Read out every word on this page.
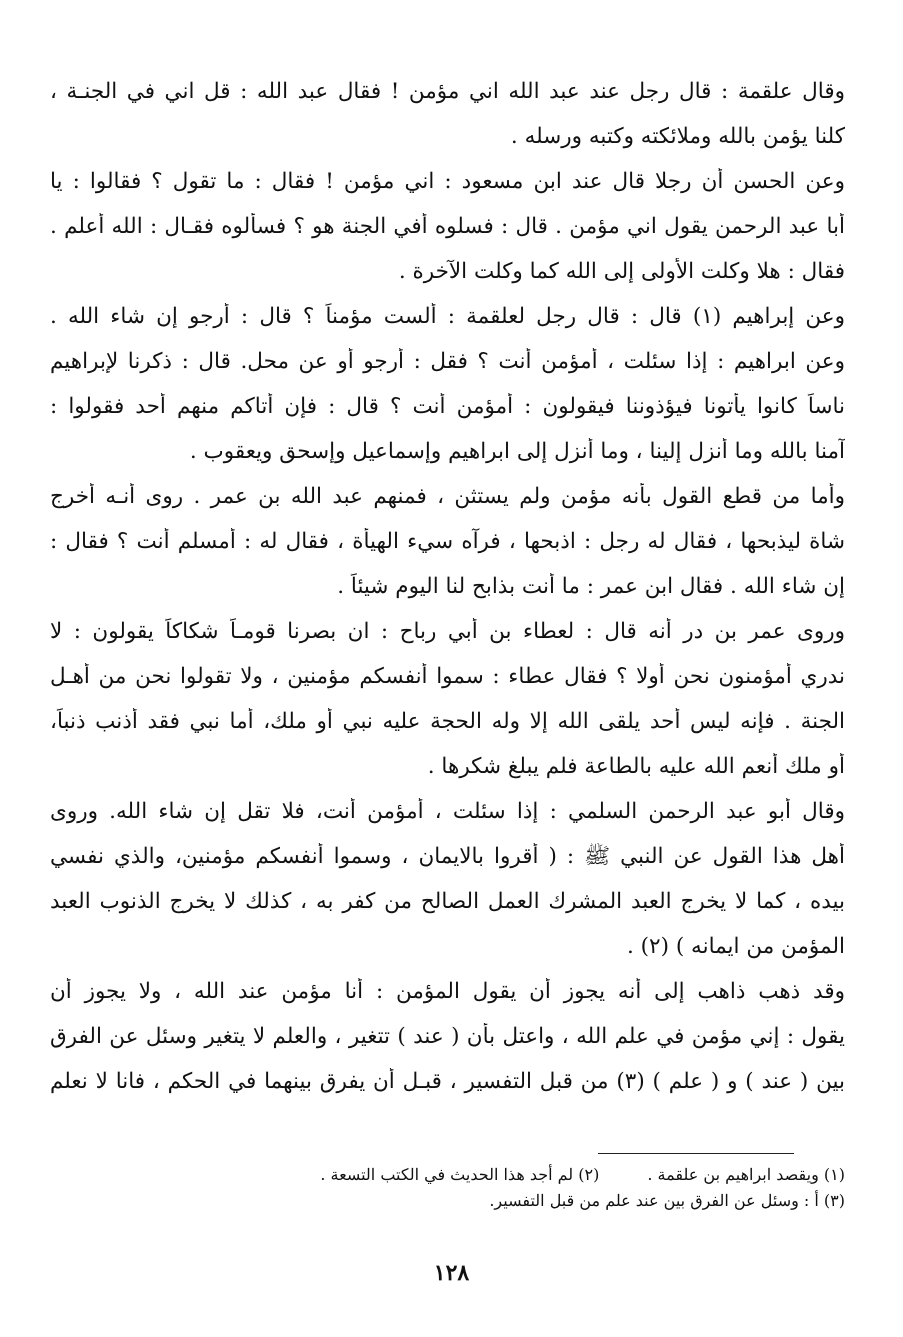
وقال علقمة : قال رجل عند عبد الله اني مؤمن ! فقال عبد الله : قل اني في الجنـة ،
كلنا يؤمن بالله وملائكته وكتبه ورسله .
وعن الحسن أن رجلا قال عند ابن مسعود : اني مؤمن ! فقال : ما تقول ؟ فقالوا : يا
أبا عبد الرحمن يقول اني مؤمن . قال : فسلوه أفي الجنة هو ؟ فسألوه فقـال : الله أعلم .
فقال : هلا وكلت الأولى إلى الله كما وكلت الآخرة .
وعن إبراهيم (١) قال : قال رجل لعلقمة : ألست مؤمناً ؟ قال : أرجو إن شاء الله .
وعن ابراهيم : إذا سئلت ، أمؤمن أنت ؟ فقل : أرجو أو عن محل. قال : ذكرنا لإبراهيم
ناساً كانوا يأتونا فيؤذوننا فيقولون : أمؤمن أنت ؟ قال : فإن أتاكم منهم أحد فقولوا :
آمنا بالله وما أنزل إلينا ، وما أنزل إلى ابراهيم وإسماعيل وإسحق ويعقوب .
وأما من قطع القول بأنه مؤمن ولم يستثن ، فمنهم عبد الله بن عمر . روى أنـه أخرج
شاة ليذبحها ، فقال له رجل : اذبحها ، فرآه سيء الهيأة ، فقال له : أمسلم أنت ؟ فقال :
إن شاء الله . فقال ابن عمر : ما أنت بذابح لنا اليوم شيئاً .
وروى عمر بن در أنه قال : لعطاء بن أبي رباح : ان بصرنا قومـاً شكاكاً يقولون : لا
ندري أمؤمنون نحن أولا ؟ فقال عطاء : سموا أنفسكم مؤمنين ، ولا تقولوا نحن من أهـل
الجنة . فإنه ليس أحد يلقى الله إلا وله الحجة عليه نبي أو ملك، أما نبي فقد أذنب ذنباً،
أو ملك أنعم الله عليه بالطاعة فلم يبلغ شكرها .
وقال أبو عبد الرحمن السلمي : إذا سئلت ، أمؤمن أنت، فلا تقل إن شاء الله. وروى
أهل هذا القول عن النبي ﷺ : ( أقروا بالايمان ، وسموا أنفسكم مؤمنين، والذي نفسي
بيده ، كما لا يخرج العبد المشرك العمل الصالح من كفر به ، كذلك لا يخرج الذنوب العبد
المؤمن من ايمانه ) (٢) .
وقد ذهب ذاهب إلى أنه يجوز أن يقول المؤمن : أنا مؤمن عند الله ، ولا يجوز أن
يقول : إني مؤمن في علم الله ، واعتل بأن ( عند ) تتغير ، والعلم لا يتغير وسئل عن الفرق
بين ( عند ) و ( علم ) (٣) من قبل التفسير ، قبـل أن يفرق بينهما في الحكم ، فانا لا نعلم
(١) ويقصد ابراهيم بن علقمة .(٢) لم أجد هذا الحديث في الكتب التسعة .
(٣) أ : وسئل عن الفرق بين عند علم من قبل التفسير.
١٢٨
